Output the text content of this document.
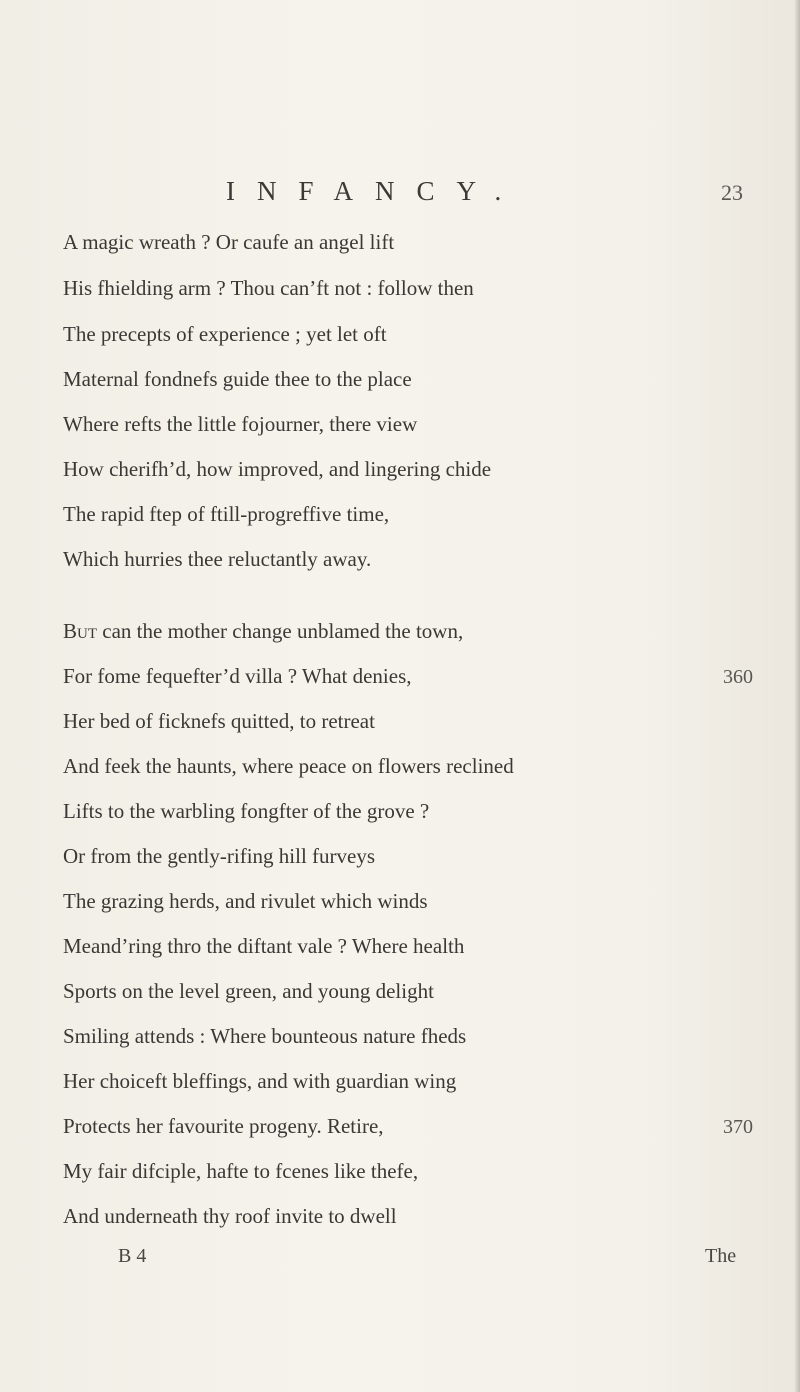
INFANCY.	23
A magic wreath ? Or caufe an angel lift
His fhielding arm ? Thou can’ft not : follow then
The precepts of experience ; yet let oft
Maternal fondnefs guide thee to the place
Where refts the little fojourner, there view
How cherifh’d, how improved, and lingering chide
The rapid ftep of ftill-progreffive time,
Which hurries thee reluctantly away.
But can the mother change unblamed the town,
For fome fequefter’d villa ? What denies,	360
Her bed of ficknefs quitted, to retreat
And feek the haunts, where peace on flowers reclined
Lifts to the warbling fongfter of the grove ?
Or from the gently-rifing hill furveys
The grazing herds, and rivulet which winds
Meand’ring thro the diftant vale ? Where health
Sports on the level green, and young delight
Smiling attends : Where bounteous nature fheds
Her choiceft bleffings, and with guardian wing
Protects her favourite progeny. Retire,	370
My fair difciple, hafte to fcenes like thefe,
And underneath thy roof invite to dwell
B 4	The
